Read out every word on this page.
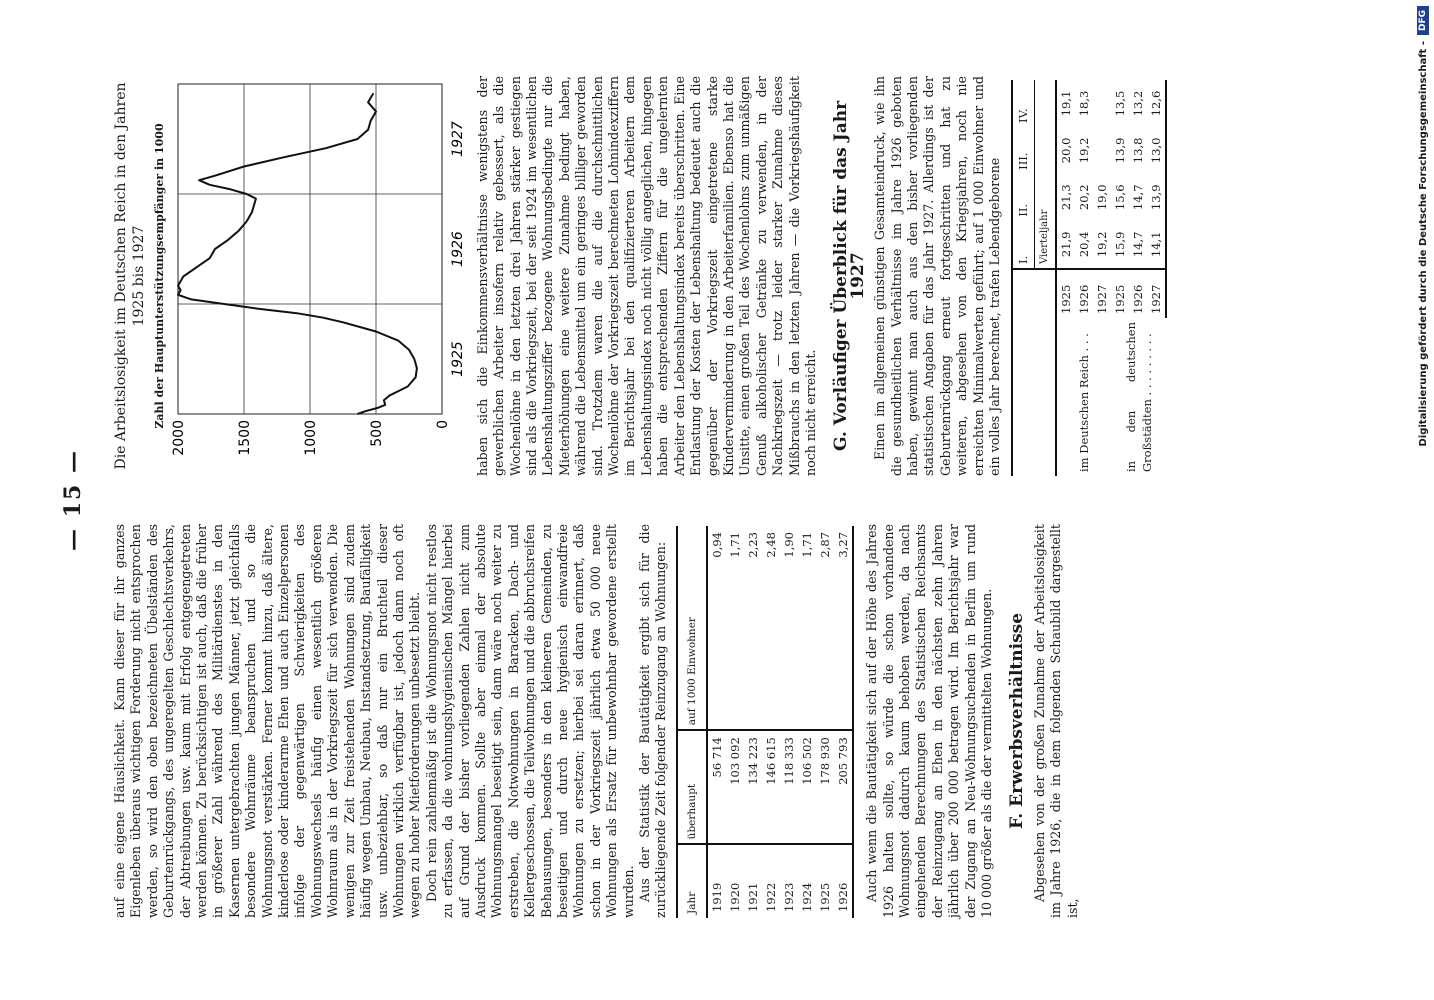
— 15 —

auf eine eigene Häuslichkeit. Kann dieser für ihr ganzes Eigenleben überaus wichtigen Forderung nicht entsprochen werden, so wird den oben bezeichneten Übelständen des Geburtenrückgangs, des ungeregelten Geschlechtsverkehrs, der Abtreibungen usw. kaum mit Erfolg entgegengetreten werden können. Zu berücksichtigen ist auch, daß die früher in größerer Zahl während des Militärdienstes in den Kasernen untergebrachten jungen Männer, jetzt gleichfalls besondere Wohnräume beanspruchen und so die Wohnungsnot verstärken. Ferner kommt hinzu, daß ältere, kinderlose oder kinderarme Ehen und auch Einzelpersonen infolge der gegenwärtigen Schwierigkeiten des Wohnungswechsels häufig einen wesentlich größeren Wohnraum als in der Vorkriegszeit für sich verwenden. Die wenigen zur Zeit freistehenden Wohnungen sind zudem häufig wegen Umbau, Neubau, Instandsetzung, Baufälligkeit usw. unbeziehbar, so daß nur ein Bruchteil dieser Wohnungen wirklich verfügbar ist, jedoch dann noch oft wegen zu hoher Mietforderungen unbesetzt bleibt. Doch rein zahlenmäßig ist die Wohnungsnot nicht restlos zu erfassen, da die wohnungshygienischen Mängel hierbei auf Grund der bisher vorliegenden Zahlen nicht zum Ausdruck kommen. Sollte aber einmal der absolute Wohnungsmangel beseitigt sein, dann wäre noch weiter zu erstreben, die Notwohnungen in Baracken, Dach- und Kellergeschossen, die Teilwohnungen und die abbruchsreifen Behausungen, besonders in den kleineren Gemeinden, zu beseitigen und durch neue hygienisch einwandfreie Wohnungen zu ersetzen; hierbei sei daran erinnert, daß schon in der Vorkriegszeit jährlich etwa 50 000 neue Wohnungen als Ersatz für unbewohnbar gewordene erstellt wurden. Aus der Statistik der Bautätigkeit ergibt sich für die zurückliegende Zeit folgender Reinzugang an Wohnungen: Jahr	überhaupt	auf 1000 Einwohner
1919	56 714	0,94
1920	103 092	1,71
1921	134 223	2,23
1922	146 615	2,48
1923	118 333	1,90
1924	106 502	1,71
1925	178 930	2,87
1926	205 793	3,27 Auch wenn die Bautätigkeit sich auf der Höhe des Jahres 1926 halten sollte, so würde die schon vorhandene Wohnungsnot dadurch kaum behoben werden, da nach eingehenden Berechnungen des Statistischen Reichsamts der Reinzugang an Ehen in den nächsten zehn Jahren jährlich über 200 000 betragen wird. Im Berichtsjahr war der Zugang an Neu-Wohnungsuchenden in Berlin um rund 10 000 größer als die der vermittelten Wohnungen. F. Erwerbsverhältnisse Abgesehen von der großen Zunahme der Arbeitslosigkeit im Jahre 1926, die in dem folgenden Schaubild dargestellt ist,

Die Arbeitslosigkeit im Deutschen Reich in den Jahren 1925 bis 1927 Zahl der Hauptunterstützungsempfänger in 1000	0
500
1000
1500
2000
1925
1926
1927 haben sich die Einkommensverhältnisse wenigstens der gewerblichen Arbeiter insofern relativ gebessert, als die Wochenlöhne in den letzten drei Jahren stärker gestiegen sind als die Vorkriegszeit, bei der seit 1924 im wesentlichen Lebenshaltungsziffer bezogene Wohnungsbedingte nur die Mieterhöhungen eine weitere Zunahme bedingt haben, während die Lebensmittel um ein geringes billiger geworden sind. Trotzdem waren die auf die durchschnittlichen Wochenlöhne der Vorkriegszeit berechneten Lohnindexziffern im Berichtsjahr bei den qualifizierteren Arbeitern dem Lebenshaltungsindex noch nicht völlig angeglichen, hingegen haben die entsprechenden Ziffern für die ungelernten Arbeiter den Lebenshaltungsindex bereits überschritten. Eine Entlastung der Kosten der Lebenshaltung bedeutet auch die gegenüber der Vorkriegszeit eingetretene starke Kinderverminderung in den Arbeiterfamilien. Ebenso hat die Unsitte, einen großen Teil des Wochenlohns zum unmäßigen Genuß alkoholischer Getränke zu verwenden, in der Nachkriegszeit — trotz leider starker Zunahme dieses Mißbrauchs in den letzten Jahren — die Vorkriegshäufigkeit noch nicht erreicht. G. Vorläufiger Überblick für das Jahr 1927 Einen im allgemeinen günstigen Gesamteindruck, wie ihn die gesundheitlichen Verhältnisse im Jahre 1926 geboten haben, gewinnt man auch aus den bisher vorliegenden statistischen Angaben für das Jahr 1927. Allerdings ist der Geburtenrückgang erneut fortgeschritten und hat zu weiteren, abgesehen von den Kriegsjahren, noch nie erreichten Minimalwerten geführt; auf 1 000 Einwohner und ein volles Jahr berechnet, trafen Lebendgeborene

		I.	II.	III.	IV.
		Vierteljahr			
im Deutschen Reich . . .	1925	21,9	21,3	20,0	19,1
	1926	20,4	20,2	19,2	18,3
	1927	19,2	19,0		
in den deutschen Großstädten . . . . . . . . .	1925	15,9	15,6	13,9	13,5
	1926	14,7	14,7	13,8	13,2
	1927	14,1	13,9	13,0	12,6	Digitalisierung gefördert durch die Deutsche Forschungsgemeinschaft -
DFG
